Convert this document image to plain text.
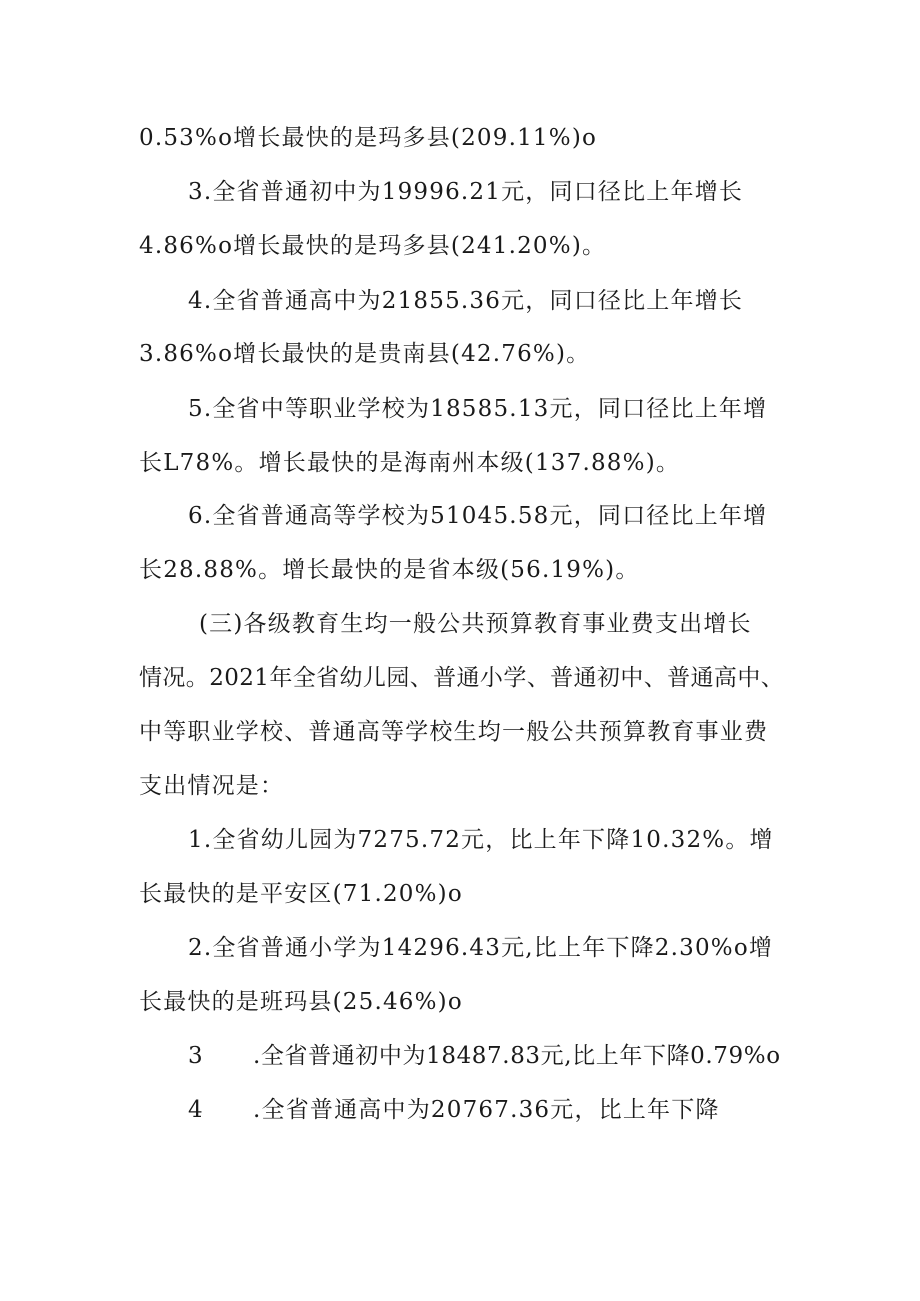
0.53%o增长最快的是玛多县(209.11%)o
3.全省普通初中为19996.21元，同口径比上年增长
4.86%o增长最快的是玛多县(241.20%)。
4.全省普通高中为21855.36元，同口径比上年增长
3.86%o增长最快的是贵南县(42.76%)。
5.全省中等职业学校为18585.13元，同口径比上年增
长L78%。增长最快的是海南州本级(137.88%)。
6.全省普通高等学校为51045.58元，同口径比上年增
长28.88%。增长最快的是省本级(56.19%)。
(三)各级教育生均一般公共预算教育事业费支出增长
情况。2021年全省幼儿园、普通小学、普通初中、普通高中、
中等职业学校、普通高等学校生均一般公共预算教育事业费
支出情况是：
1.全省幼儿园为7275.72元，比上年下降10.32%。增
长最快的是平安区(71.20%)o
2.全省普通小学为14296.43元,比上年下降2.30%o增
长最快的是班玛县(25.46%)o
3 .全省普通初中为18487.83元,比上年下降0.79%o
4 .全省普通高中为20767.36元，比上年下降
